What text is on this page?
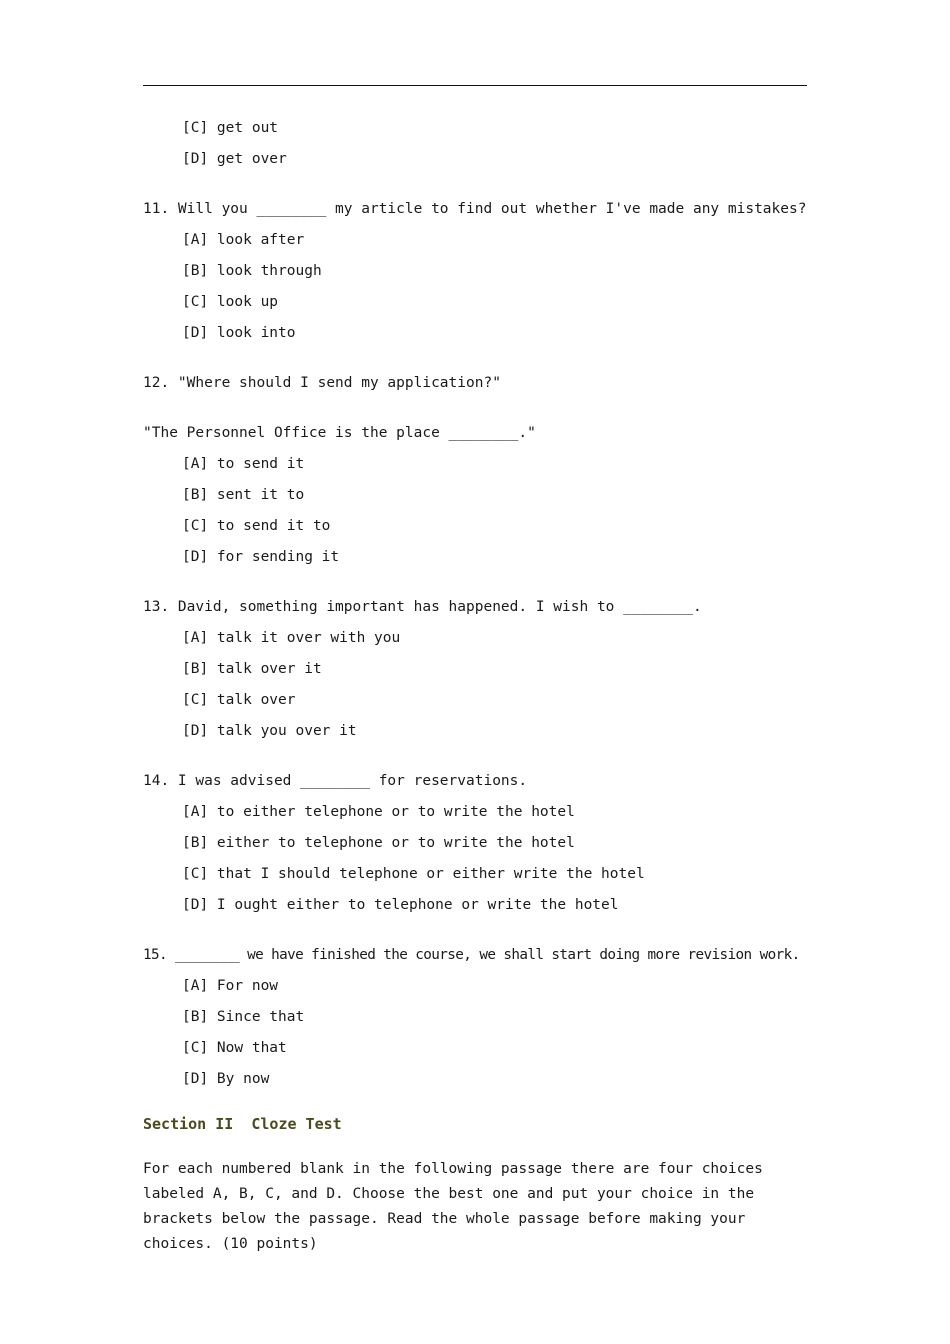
[C] get out
[D] get over
11. Will you ________ my article to find out whether I've made any mistakes?
[A] look after
[B] look through
[C] look up
[D] look into
12. "Where should I send my application?"
"The Personnel Office is the place ________."
[A] to send it
[B] sent it to
[C] to send it to
[D] for sending it
13. David, something important has happened. I wish to ________.
[A] talk it over with you
[B] talk over it
[C] talk over
[D] talk you over it
14. I was advised ________ for reservations.
[A] to either telephone or to write the hotel
[B] either to telephone or to write the hotel
[C] that I should telephone or either write the hotel
[D] I ought either to telephone or write the hotel
15. ________ we have finished the course, we shall start doing more revision work.
[A] For now
[B] Since that
[C] Now that
[D] By now
Section II  Cloze Test
For each numbered blank in the following passage there are four choices labeled A, B, C, and D. Choose the best one and put your choice in the brackets below the passage. Read the whole passage before making your choices. (10 points)
